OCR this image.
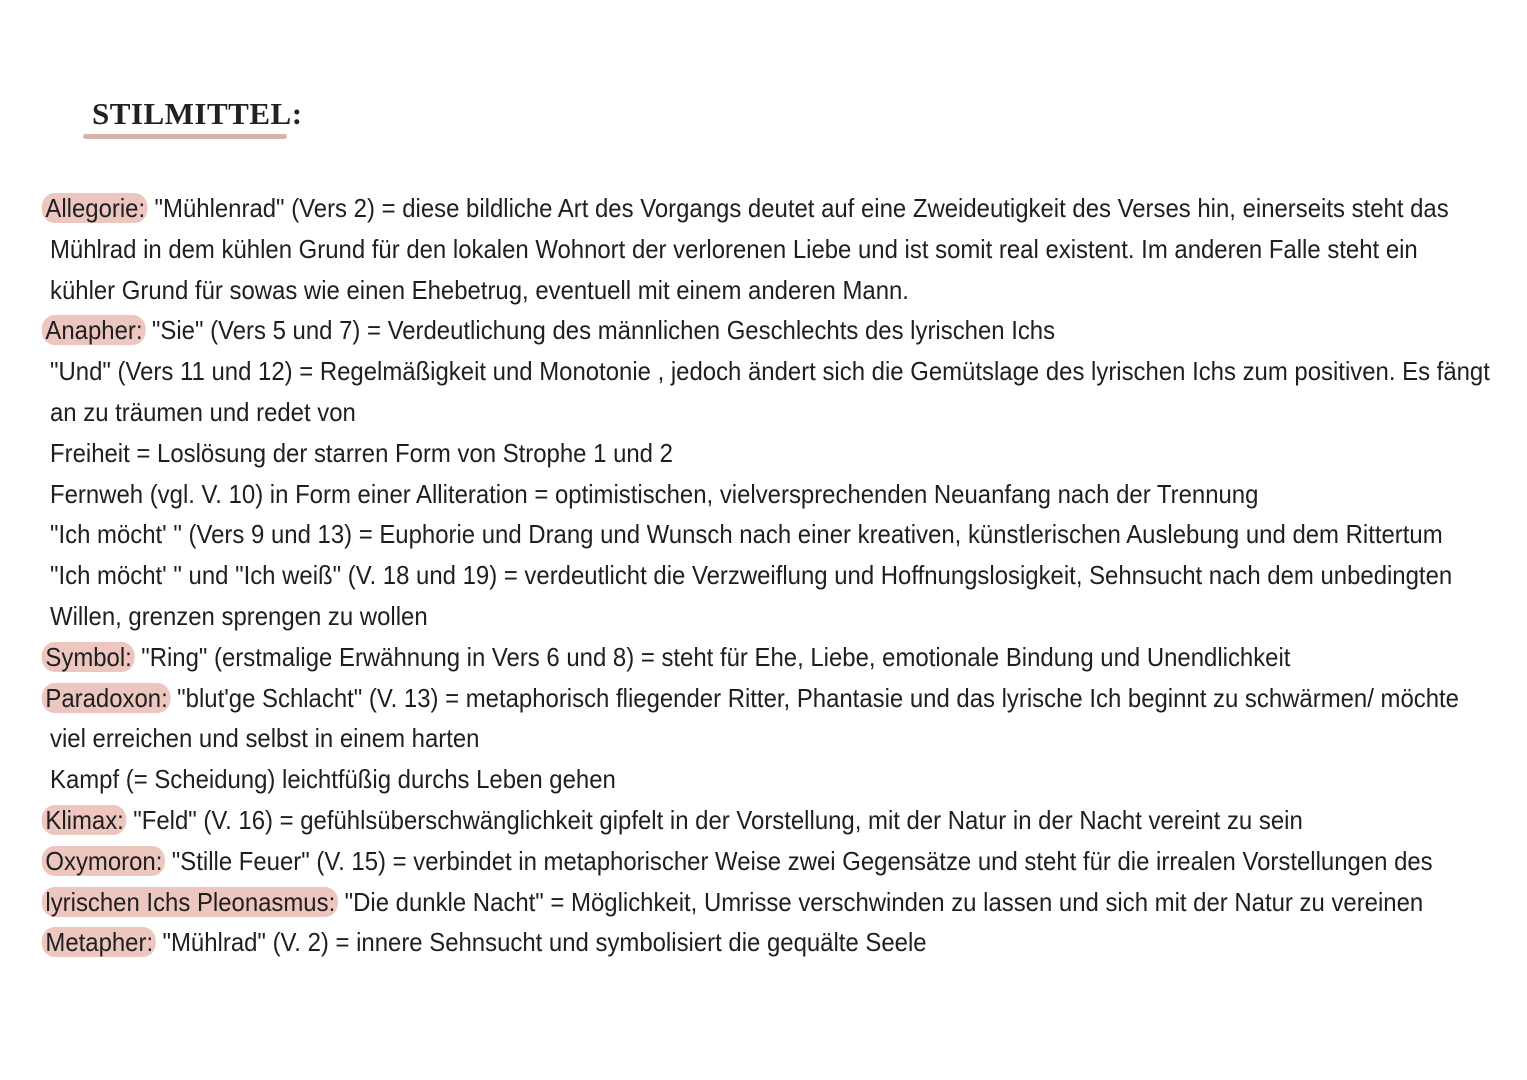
STILMITTEL:
Allegorie: "Mühlenrad" (Vers 2) = diese bildliche Art des Vorgangs deutet auf eine Zweideutigkeit des Verses hin, einerseits steht das
Mühlrad in dem kühlen Grund für den lokalen Wohnort der verlorenen Liebe und ist somit real existent. Im anderen Falle steht ein
kühler Grund für sowas wie einen Ehebetrug, eventuell mit einem anderen Mann.
Anapher: "Sie" (Vers 5 und 7) = Verdeutlichung des männlichen Geschlechts des lyrischen Ichs
"Und" (Vers 11 und 12) = Regelmäßigkeit und Monotonie , jedoch ändert sich die Gemütslage des lyrischen Ichs zum positiven. Es fängt
an zu träumen und redet von
Freiheit = Loslösung der starren Form von Strophe 1 und 2
Fernweh (vgl. V. 10) in Form einer Alliteration = optimistischen, vielversprechenden Neuanfang nach der Trennung
"Ich möcht' " (Vers 9 und 13) = Euphorie und Drang und Wunsch nach einer kreativen, künstlerischen Auslebung und dem Rittertum
"Ich möcht' " und "Ich weiß" (V. 18 und 19) = verdeutlicht die Verzweiflung und Hoffnungslosigkeit, Sehnsucht nach dem unbedingten
Willen, grenzen sprengen zu wollen
Symbol: "Ring" (erstmalige Erwähnung in Vers 6 und 8) = steht für Ehe, Liebe, emotionale Bindung und Unendlichkeit
Paradoxon: "blut'ge Schlacht" (V. 13) = metaphorisch fliegender Ritter, Phantasie und das lyrische Ich beginnt zu schwärmen/ möchte
viel erreichen und selbst in einem harten
Kampf (= Scheidung) leichtfüßig durchs Leben gehen
Klimax: "Feld" (V. 16) = gefühlsüberschwänglichkeit gipfelt in der Vorstellung, mit der Natur in der Nacht vereint zu sein
Oxymoron: "Stille Feuer" (V. 15) = verbindet in metaphorischer Weise zwei Gegensätze und steht für die irrealen Vorstellungen des
lyrischen Ichs Pleonasmus: "Die dunkle Nacht" = Möglichkeit, Umrisse verschwinden zu lassen und sich mit der Natur zu vereinen
Metapher: "Mühlrad" (V. 2) = innere Sehnsucht und symbolisiert die gequälte Seele
